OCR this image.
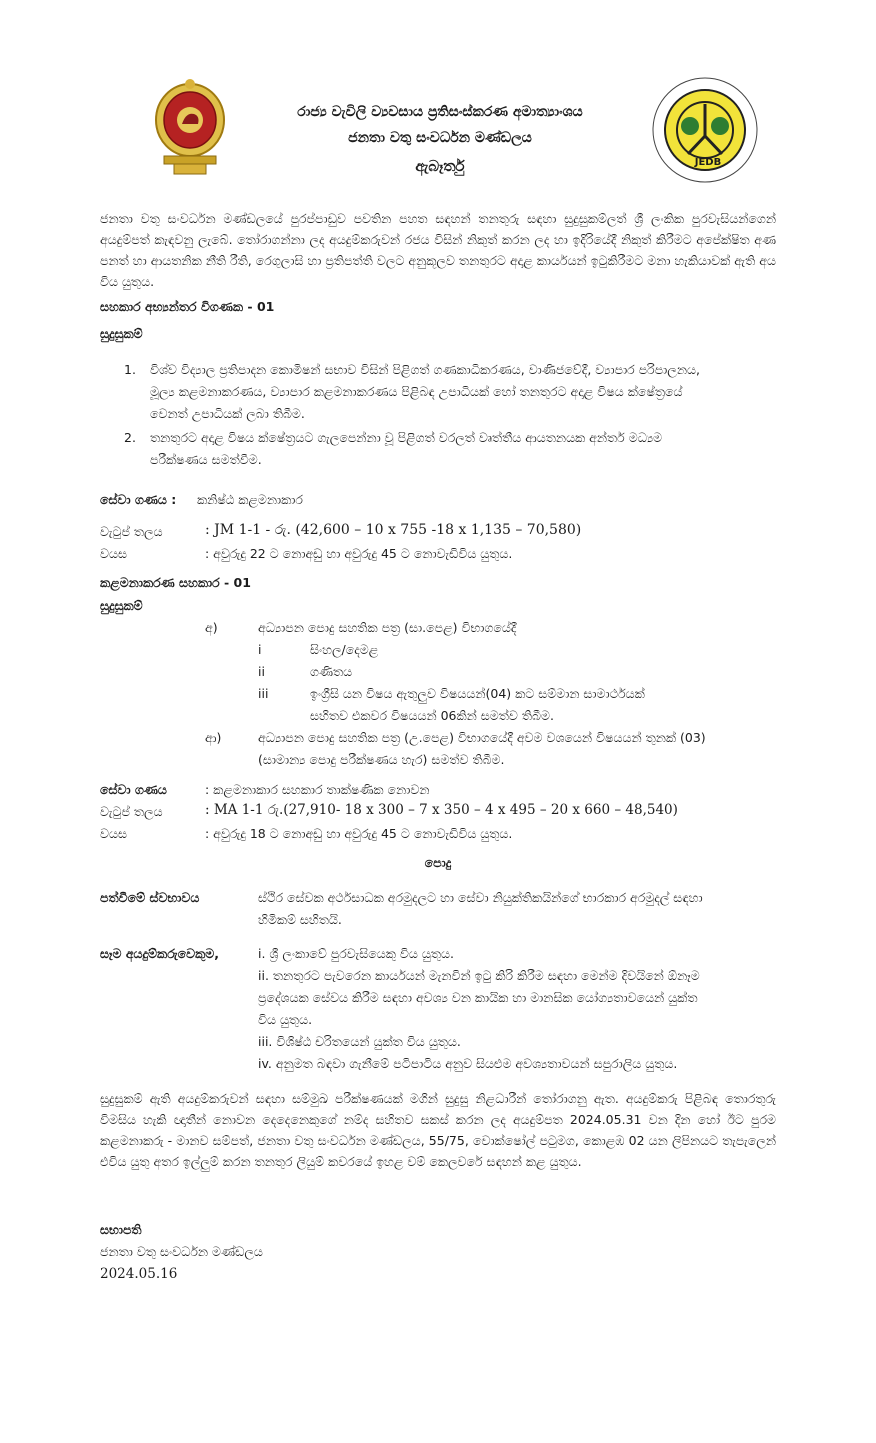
JEDB
රාජ්‍ය වැවිලි ව්‍යවසාය ප්‍රතිසංස්කරණ අමාත්‍යාංශය
ජනතා වතු සංවර්ධන මණ්ඩලය
ඇබෑර්තු
ජනතා වතු සංවර්ධන මණ්ඩලයේ පුරප්පාඩුව පවතින පහත සඳහන් තනතුරු සඳහා සුදුසුකම්ලත් ශ්‍රී ලංකික පුරවැසියන්ගෙන් අයදුම්පත් කැඳවනු ලැබේ. තෝරාගන්නා ලද අයදුම්කරුවන් රජය විසින් නිකුත් කරන ලද හා ඉදිරියේදී නිකුත් කිරීමට අපේක්ෂිත අණ පනත් හා ආයතනික නීති රීති, රෙගුලාසි හා ප්‍රතිපත්ති වලට අනුකූලව තනතුරට අදාළ කාර්යයන් ඉටුකිරීමට මනා හැකියාවක් ඇති අය විය යුතුය.
සහකාර අභ්‍යන්තර විගණක - 01
සුදුසුකම්
1. විශ්ව විද්‍යාල ප්‍රතිපාදන කොමිෂන් සභාව විසින් පිළිගත් ගණකාධිකරණය, වාණිජවේදී, ව්‍යාපාර පරිපාලනය,
මූල්‍ය කළමනාකරණය, ව්‍යාපාර කළමනාකරණය පිළිබඳ උපාධියක් හෝ තනතුරට අදාළ විෂය ක්ෂේත්‍රයේ
වෙනත් උපාධියක් ලබා තිබීම.
2. තනතුරට අදාළ විෂය ක්ෂේත්‍රයට ගැලපෙන්නා වූ පිළිගත් වරලත් වෘත්තීය ආයතනයක අන්තර් මධ්‍යම
පරීක්ෂණය සමත්වීම.
සේවා ගණය : කනිෂ්ඨ කළමනාකාර
වැටුප් තලය	: JM 1-1 - රු. (42,600 – 10 x 755 -18 x 1,135 – 70,580)
වයස	: අවුරුදු 22 ට නොඅඩු හා අවුරුදු 45 ට නොවැඩිවිය යුතුය.
කළමනාකරණ සහකාර - 01
සුදුසුකම්
අ)	අධ්‍යාපන පොදු සහතික පත්‍ර (සා.පෙළ) විභාගයේදී
i	සිංහල/දෙමළ
ii	ගණිතය
iii	ඉංග්‍රීසි යන විෂය ඇතුලුව විෂයයන්(04) කට සම්මාන සාමාර්ථයක්
සහිතව එකවර විෂයයන් 06කින් සමත්ව තිබීම.
ආ)	අධ්‍යාපන පොදු සහතික පත්‍ර (උ.පෙළ) විභාගයේදී අවම වශයෙන් විෂයයන් තුනක් (03)
(සාමාන්‍ය පොදු පරීක්ෂණය හැර) සමත්ව තිබීම.
සේවා ගණය	: කළමනාකාර සහකාර තාක්ෂණික නොවන
වැටුප් තලය	: MA 1-1 රු.(27,910- 18 x 300 – 7 x 350 – 4 x 495 – 20 x 660 – 48,540)
වයස	: අවුරුදු 18 ට නොඅඩු හා අවුරුදු 45 ට නොවැඩිවිය යුතුය.
පොදු
පත්වීමේ ස්වභාවය	ස්ථිර සේවක අර්ථසාධක අරමුදලට හා සේවා නියුක්තිකයින්ගේ භාරකාර අරමුදල් සඳහා
හිමිකම් සහිතයි.
සෑම අයදුම්කරුවෙකුම,	i. ශ්‍රී ලංකාවේ පුරවැසියෙකු විය යුතුය.
ii. තනතුරට පැවරෙන කාර්යයන් මැනවින් ඉටු කිරි කිරීම සඳහා මෙන්ම දිවයිනේ ඕනෑම
ප්‍රදේශයක සේවය කිරීම සඳහා අවශ්‍ය වන කායික හා මානසික යෝග්‍යතාවයෙන් යුක්ත
විය යුතුය.
iii. විශිෂ්ඨ චරිතයෙන් යුක්ත විය යුතුය.
iv. අනුමත බඳවා ගැනීමේ පටිපාටිය අනුව සියළුම අවශ්‍යතාවයන් සපුරාලිය යුතුය.
සුදුසුකම් ඇති අයදුම්කරුවන් සඳහා සම්මුඛ පරීක්ෂණයක් මගින් සුදුසු නිළධාරීන් තෝරාගනු ඇත. අයදුම්කරු පිළිබඳ තොරතුරු විමසිය හැකි ඥාතීන් නොවන දෙදෙනෙකුගේ නම්ද සහිතව සකස් කරන ලද අයදුම්පත 2024.05.31 වන දින හෝ ඊට පුරම කළමනාකරු - මානව සම්පත්, ජනතා වතු සංවර්ධන මණ්ඩලය, 55/75, වොක්ෂෝල් පටුමග, කොළඹ 02 යන ලිපිනයට තැපැලෙන් එවිය යුතු අතර ඉල්ලුම් කරන තනතුර ලියුම් කවරයේ ඉහළ වම් කෙලවරේ සඳහන් කළ යුතුය.
සභාපති
ජනතා වතු සංවර්ධන මණ්ඩලය
2024.05.16
